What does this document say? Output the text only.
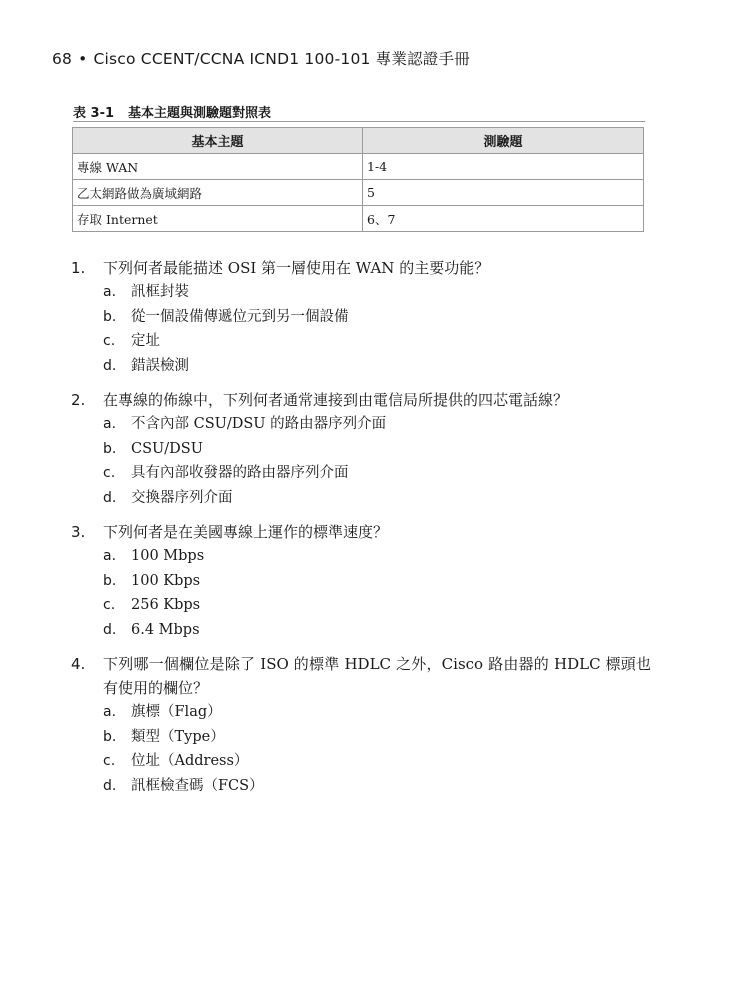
68 • Cisco CCENT/CCNA ICND1 100-101 專業認證手冊
表 3-1 基本主題與測驗題對照表
基本主題	測驗題
專線 WAN	1-4
乙太網路做為廣域網路	5
存取 Internet	6、7
1.	下列何者最能描述 OSI 第一層使用在 WAN 的主要功能？
a.	訊框封裝
b.	從一個設備傳遞位元到另一個設備
c.	定址
d.	錯誤檢測
2.	在專線的佈線中，下列何者通常連接到由電信局所提供的四芯電話線？
a.	不含內部 CSU/DSU 的路由器序列介面
b.	CSU/DSU
c.	具有內部收發器的路由器序列介面
d.	交換器序列介面
3.	下列何者是在美國專線上運作的標準速度？
a.	100 Mbps
b.	100 Kbps
c.	256 Kbps
d.	6.4 Mbps
4.	下列哪一個欄位是除了 ISO 的標準 HDLC 之外，Cisco 路由器的 HDLC 標頭也有使用的欄位？
a.	旗標（Flag）
b.	類型（Type）
c.	位址（Address）
d.	訊框檢查碼（FCS）
